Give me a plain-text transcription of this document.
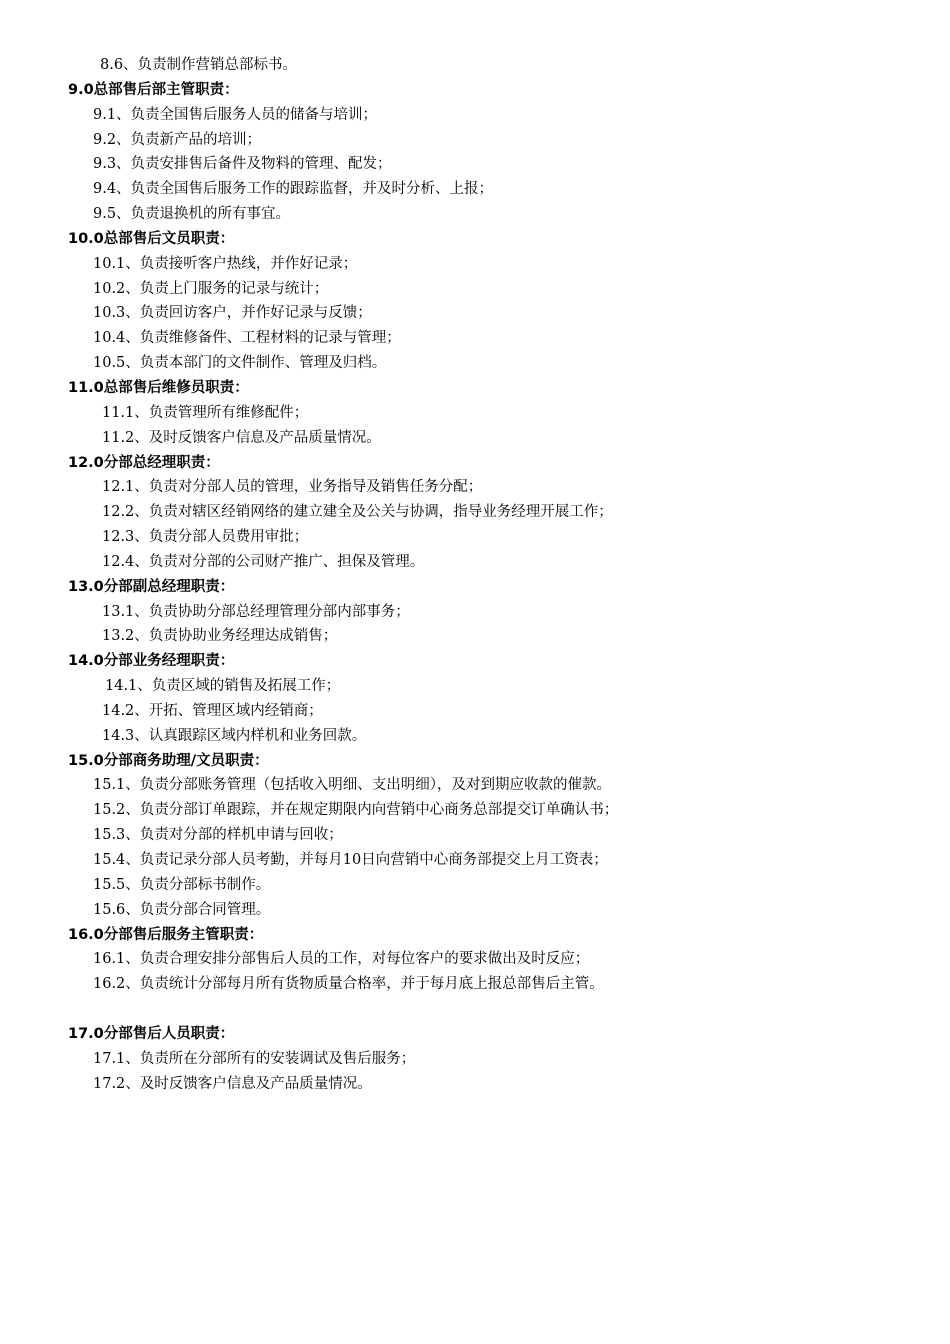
8.6、负责制作营销总部标书。
9.0总部售后部主管职责：
9.1、负责全国售后服务人员的储备与培训；
9.2、负责新产品的培训；
9.3、负责安排售后备件及物料的管理、配发；
9.4、负责全国售后服务工作的跟踪监督，并及时分析、上报；
9.5、负责退换机的所有事宜。
10.0总部售后文员职责：
10.1、负责接听客户热线，并作好记录；
10.2、负责上门服务的记录与统计；
10.3、负责回访客户，并作好记录与反馈；
10.4、负责维修备件、工程材料的记录与管理；
10.5、负责本部门的文件制作、管理及归档。
11.0总部售后维修员职责：
11.1、负责管理所有维修配件；
11.2、及时反馈客户信息及产品质量情况。
12.0分部总经理职责：
12.1、负责对分部人员的管理，业务指导及销售任务分配；
12.2、负责对辖区经销网络的建立建全及公关与协调，指导业务经理开展工作；
12.3、负责分部人员费用审批；
12.4、负责对分部的公司财产推广、担保及管理。
13.0分部副总经理职责：
13.1、负责协助分部总经理管理分部内部事务；
13.2、负责协助业务经理达成销售；
14.0分部业务经理职责：
14.1、负责区域的销售及拓展工作；
14.2、开拓、管理区域内经销商；
14.3、认真跟踪区域内样机和业务回款。
15.0分部商务助理/文员职责：
15.1、负责分部账务管理（包括收入明细、支出明细），及对到期应收款的催款。
15.2、负责分部订单跟踪，并在规定期限内向营销中心商务总部提交订单确认书；
15.3、负责对分部的样机申请与回收；
15.4、负责记录分部人员考勤，并每月10日向营销中心商务部提交上月工资表；
15.5、负责分部标书制作。
15.6、负责分部合同管理。
16.0分部售后服务主管职责：
16.1、负责合理安排分部售后人员的工作，对每位客户的要求做出及时反应；
16.2、负责统计分部每月所有货物质量合格率，并于每月底上报总部售后主管。
17.0分部售后人员职责：
17.1、负责所在分部所有的安装调试及售后服务；
17.2、及时反馈客户信息及产品质量情况。
